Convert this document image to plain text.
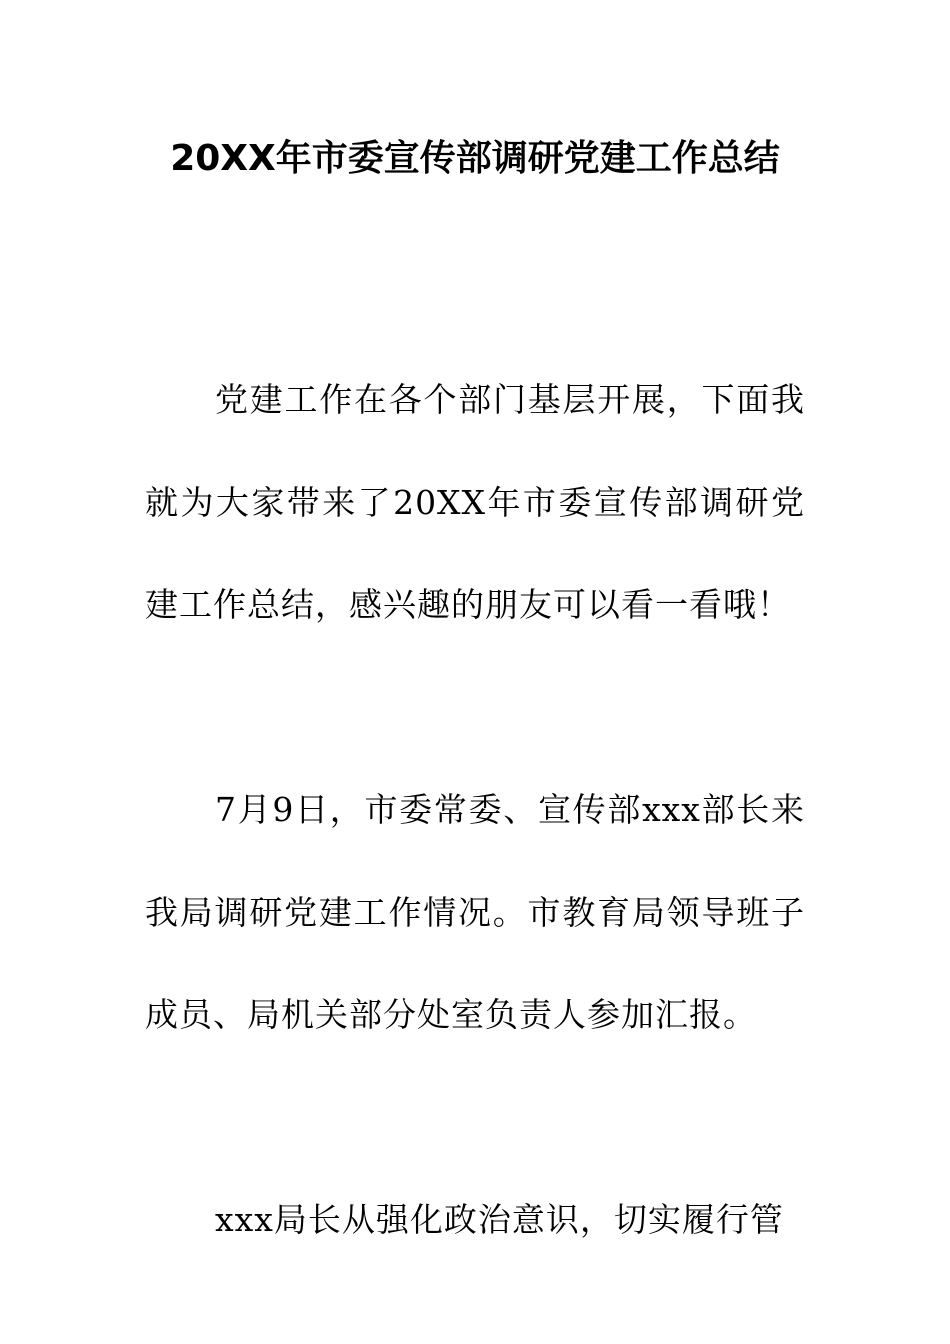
20XX年市委宣传部调研党建工作总结

党建工作在各个部门基层开展，下面我就为大家带来了20XX年市委宣传部调研党建工作总结，感兴趣的朋友可以看一看哦！

7月9日，市委常委、宣传部xxx部长来我局调研党建工作情况。市教育局领导班子成员、局机关部分处室负责人参加汇报。

xxx局长从强化政治意识，切实履行管
